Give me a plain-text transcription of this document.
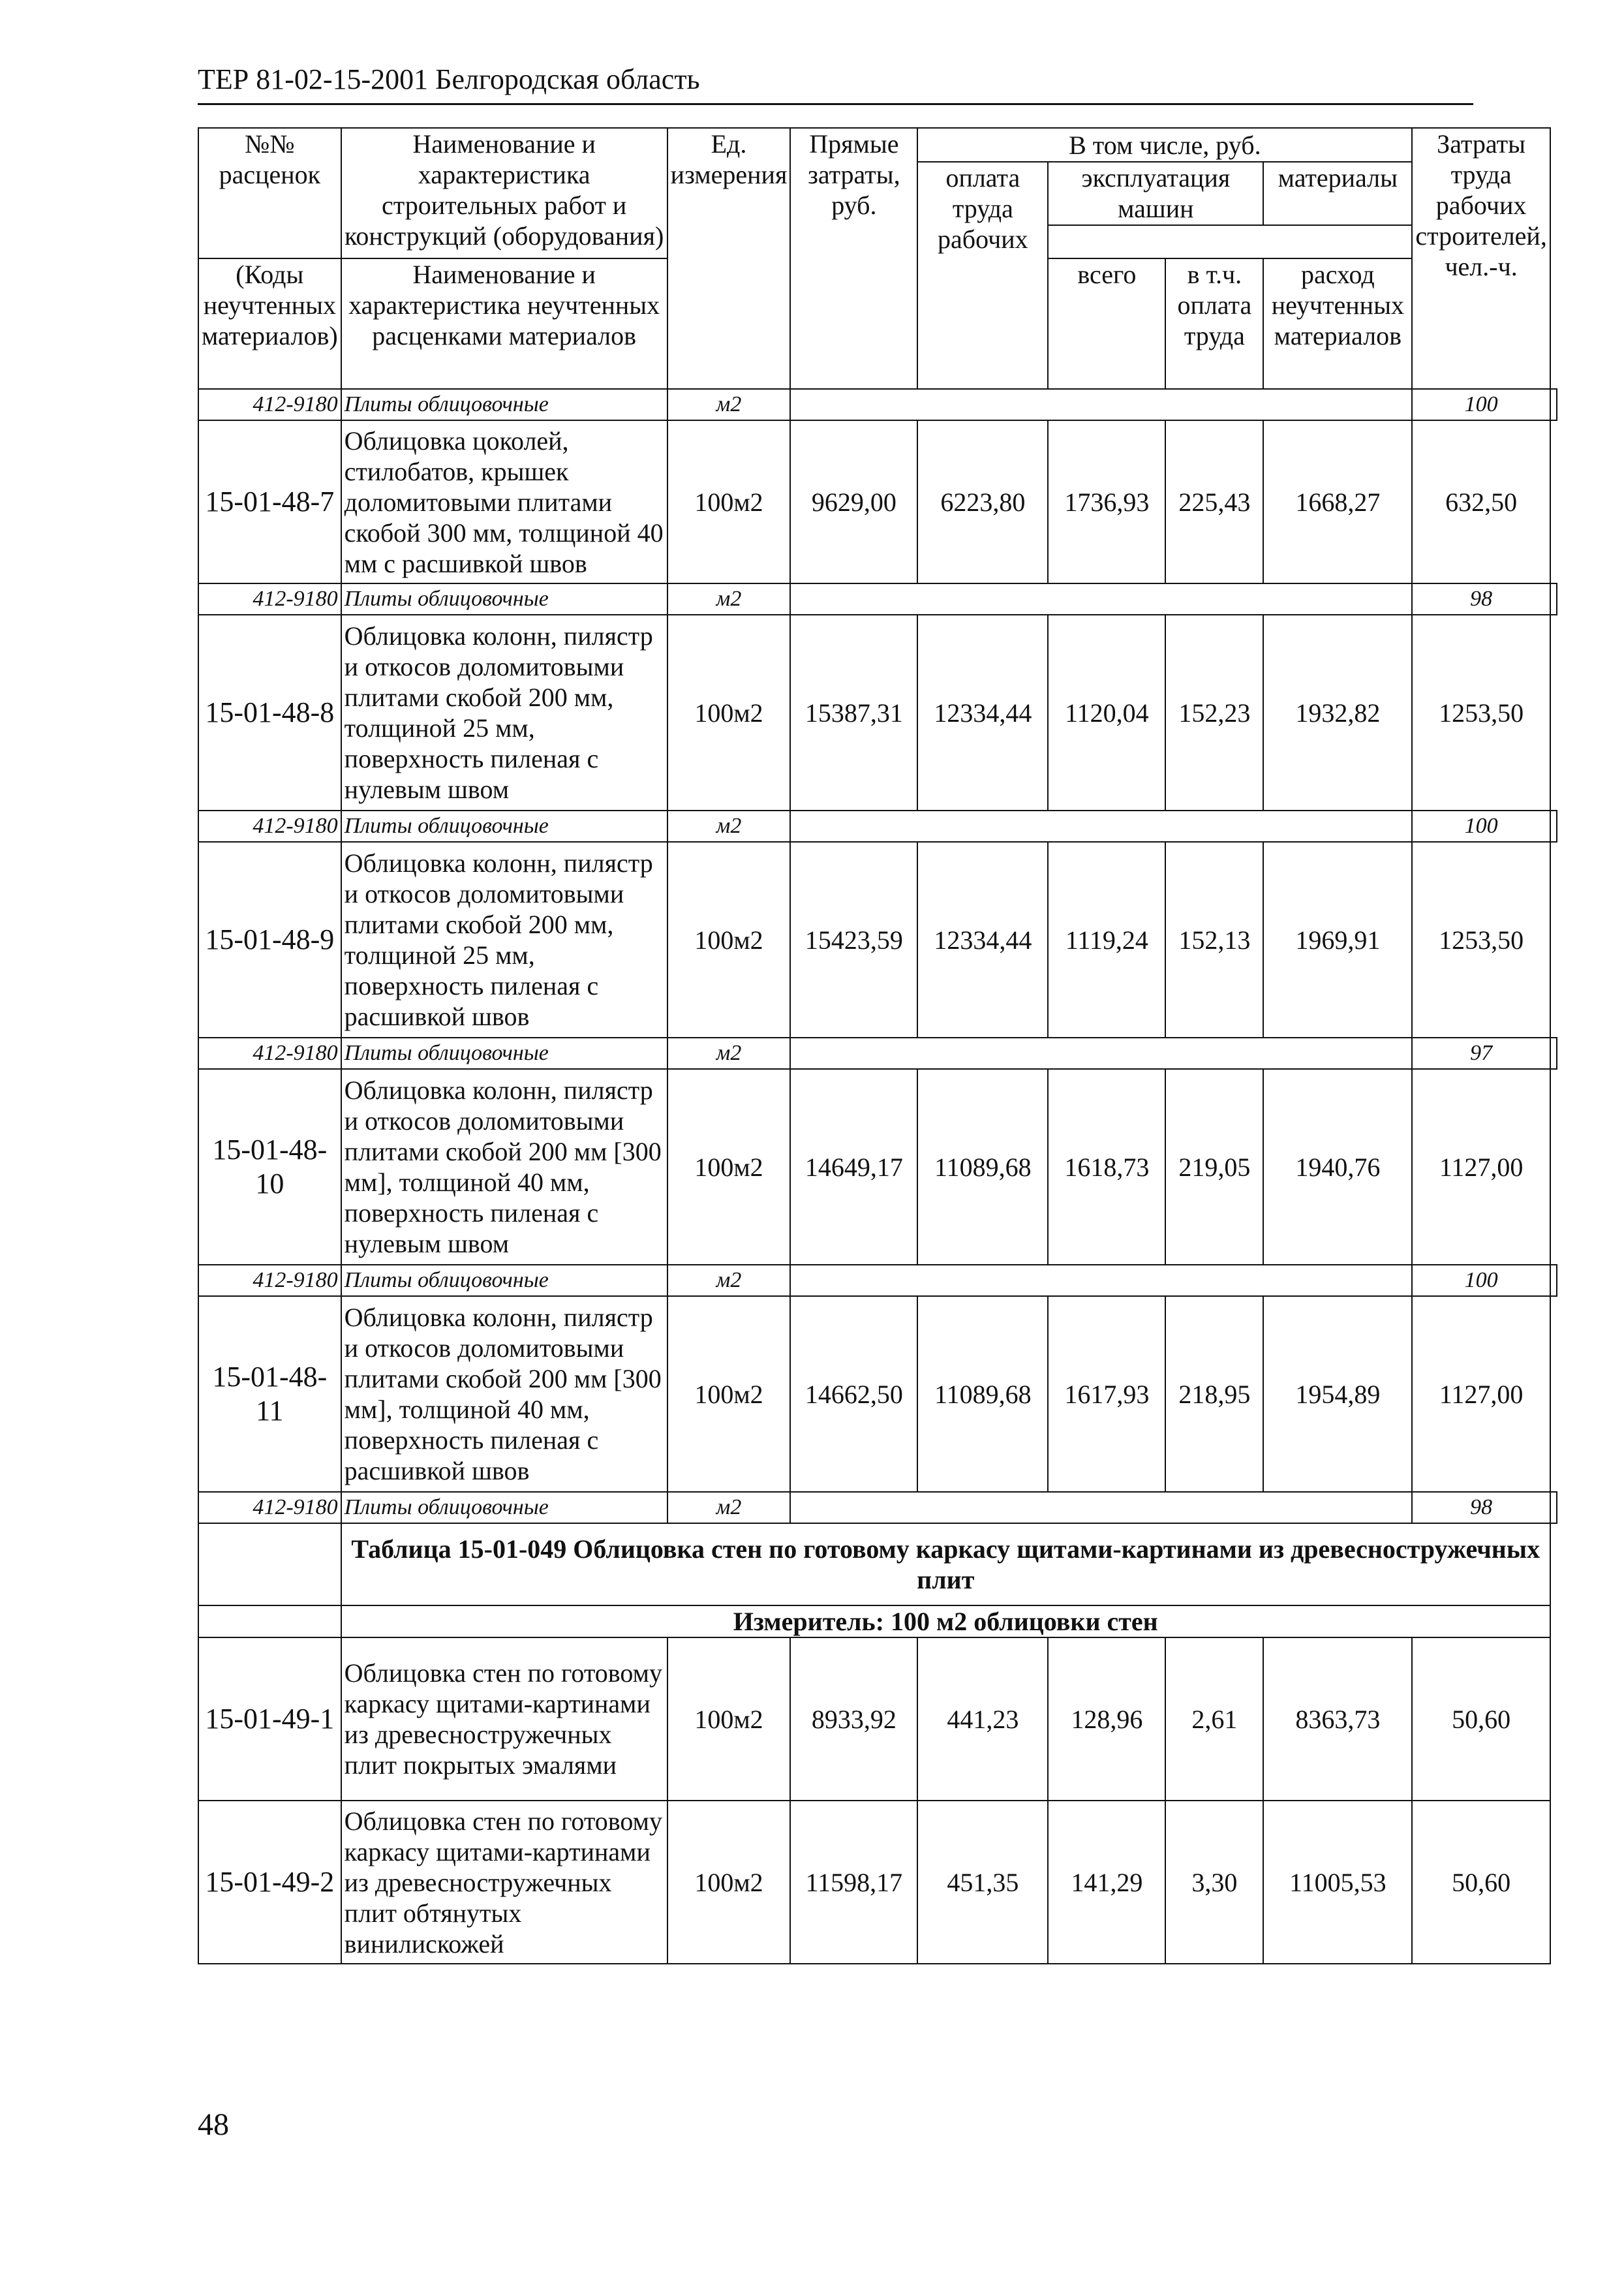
ТЕР 81-02-15-2001 Белгородская область
№№ расценок	Наименование и характеристика строительных работ и конструкций (оборудования)	Ед. измерения	Прямые затраты, руб.	В том числе, руб.				Затраты труда рабочих строителей, чел.-ч.	
				оплата труда рабочих	эксплуатация машин		материалы		

(Коды неучтенных материалов)	Наименование и характеристика неучтенных расценками материалов				всего	в т.ч. оплата труда	расход неучтенных материалов		

412-9180	Плиты облицовочные	м2						100	
15-01-48-7	Облицовка цоколей, стилобатов, крышек доломитовыми плитами скобой 300 мм, толщиной 40 мм с расшивкой швов	100м2	9629,00	6223,80	1736,93	225,43	1668,27	632,50	
412-9180	Плиты облицовочные	м2						98	
15-01-48-8	Облицовка колонн, пилястр и откосов доломитовыми плитами скобой 200 мм, толщиной 25 мм, поверхность пиленая с нулевым швом	100м2	15387,31	12334,44	1120,04	152,23	1932,82	1253,50	
412-9180	Плиты облицовочные	м2						100	
15-01-48-9	Облицовка колонн, пилястр и откосов доломитовыми плитами скобой 200 мм, толщиной 25 мм, поверхность пиленая с расшивкой швов	100м2	15423,59	12334,44	1119,24	152,13	1969,91	1253,50	
412-9180	Плиты облицовочные	м2						97	
15-01-48-10	Облицовка колонн, пилястр и откосов доломитовыми плитами скобой 200 мм [300 мм], толщиной 40 мм, поверхность пиленая с нулевым швом	100м2	14649,17	11089,68	1618,73	219,05	1940,76	1127,00	
412-9180	Плиты облицовочные	м2						100	
15-01-48-11	Облицовка колонн, пилястр и откосов доломитовыми плитами скобой 200 мм [300 мм], толщиной 40 мм, поверхность пиленая с расшивкой швов	100м2	14662,50	11089,68	1617,93	218,95	1954,89	1127,00	
412-9180	Плиты облицовочные	м2						98	
	Таблица 15-01-049 Облицовка стен по готовому каркасу щитами-картинами из древесностружечных плит								
	Измеритель: 100 м2 облицовки стен								
15-01-49-1	Облицовка стен по готовому каркасу щитами-картинами из древесностружечных плит покрытых эмалями	100м2	8933,92	441,23	128,96	2,61	8363,73	50,60	
15-01-49-2	Облицовка стен по готовому каркасу щитами-картинами из древесностружечных плит обтянутых винилискожей	100м2	11598,17	451,35	141,29	3,30	11005,53	50,60	
48
